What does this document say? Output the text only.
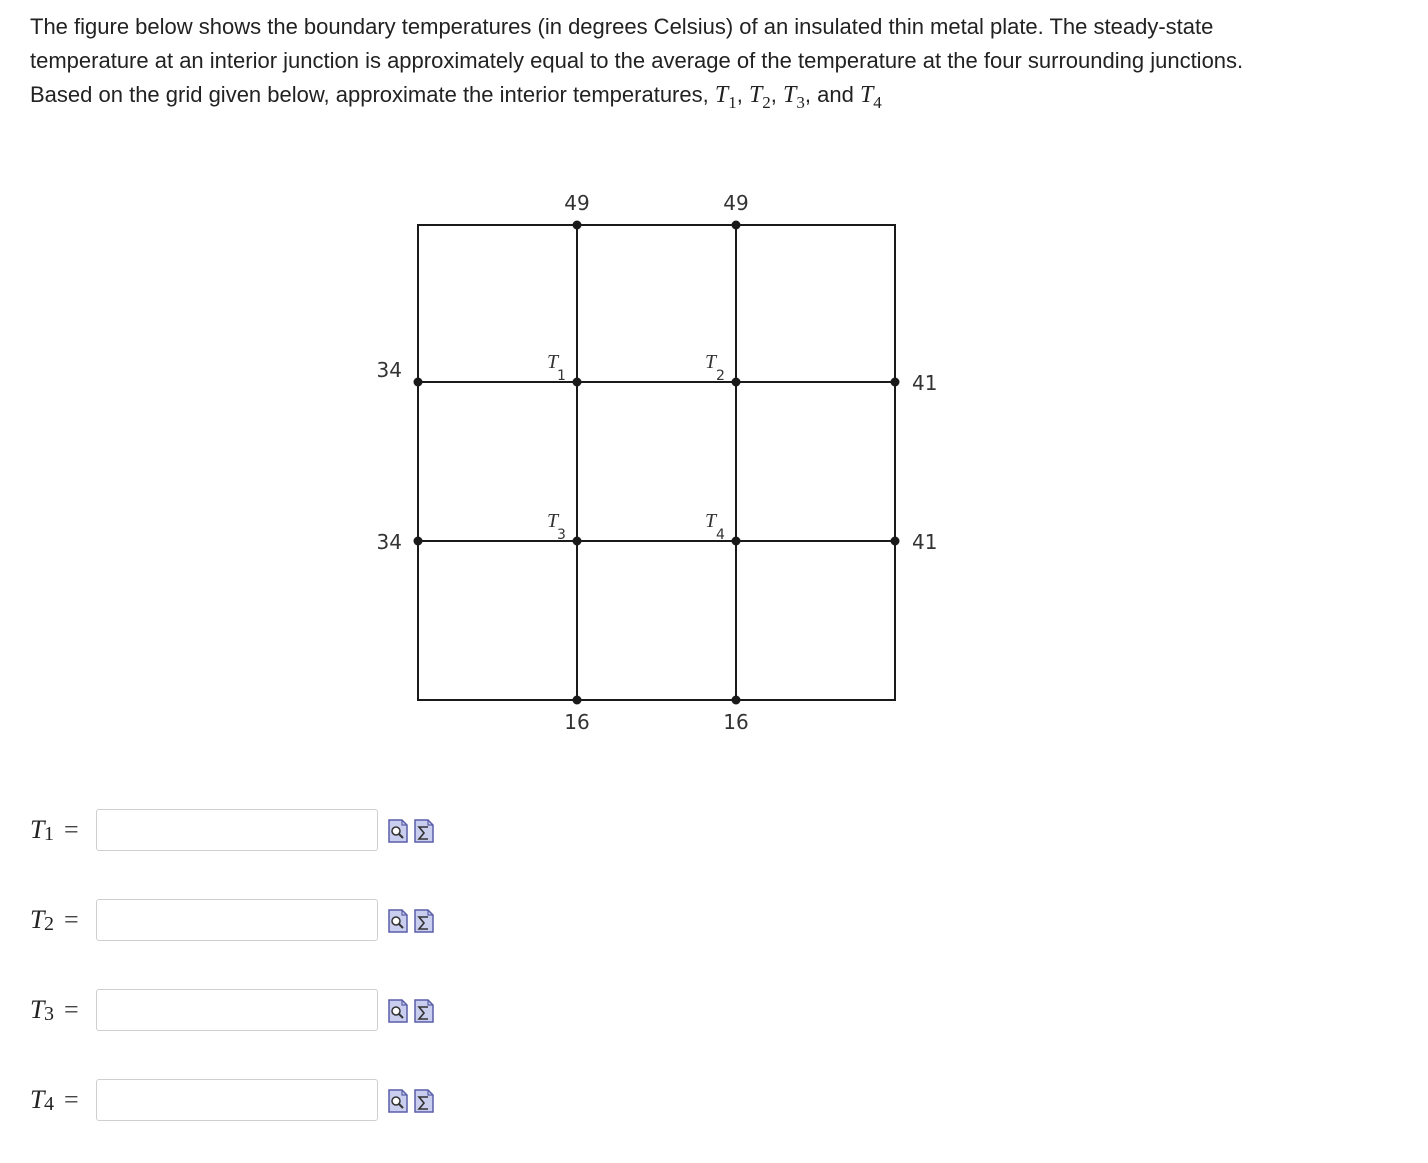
The figure below shows the boundary temperatures (in degrees Celsius) of an insulated thin metal plate. The steady-state temperature at an interior junction is approximately equal to the average of the temperature at the four surrounding junctions. Based on the grid given below, approximate the interior temperatures, $T_1$, $T_2$, $T_3$, and $T_4$
49	49
34
34
41
41
16	16
T
1
T
2
T
3
T
4
T 1 =
T 2 =
T 3 =
T 4 =
